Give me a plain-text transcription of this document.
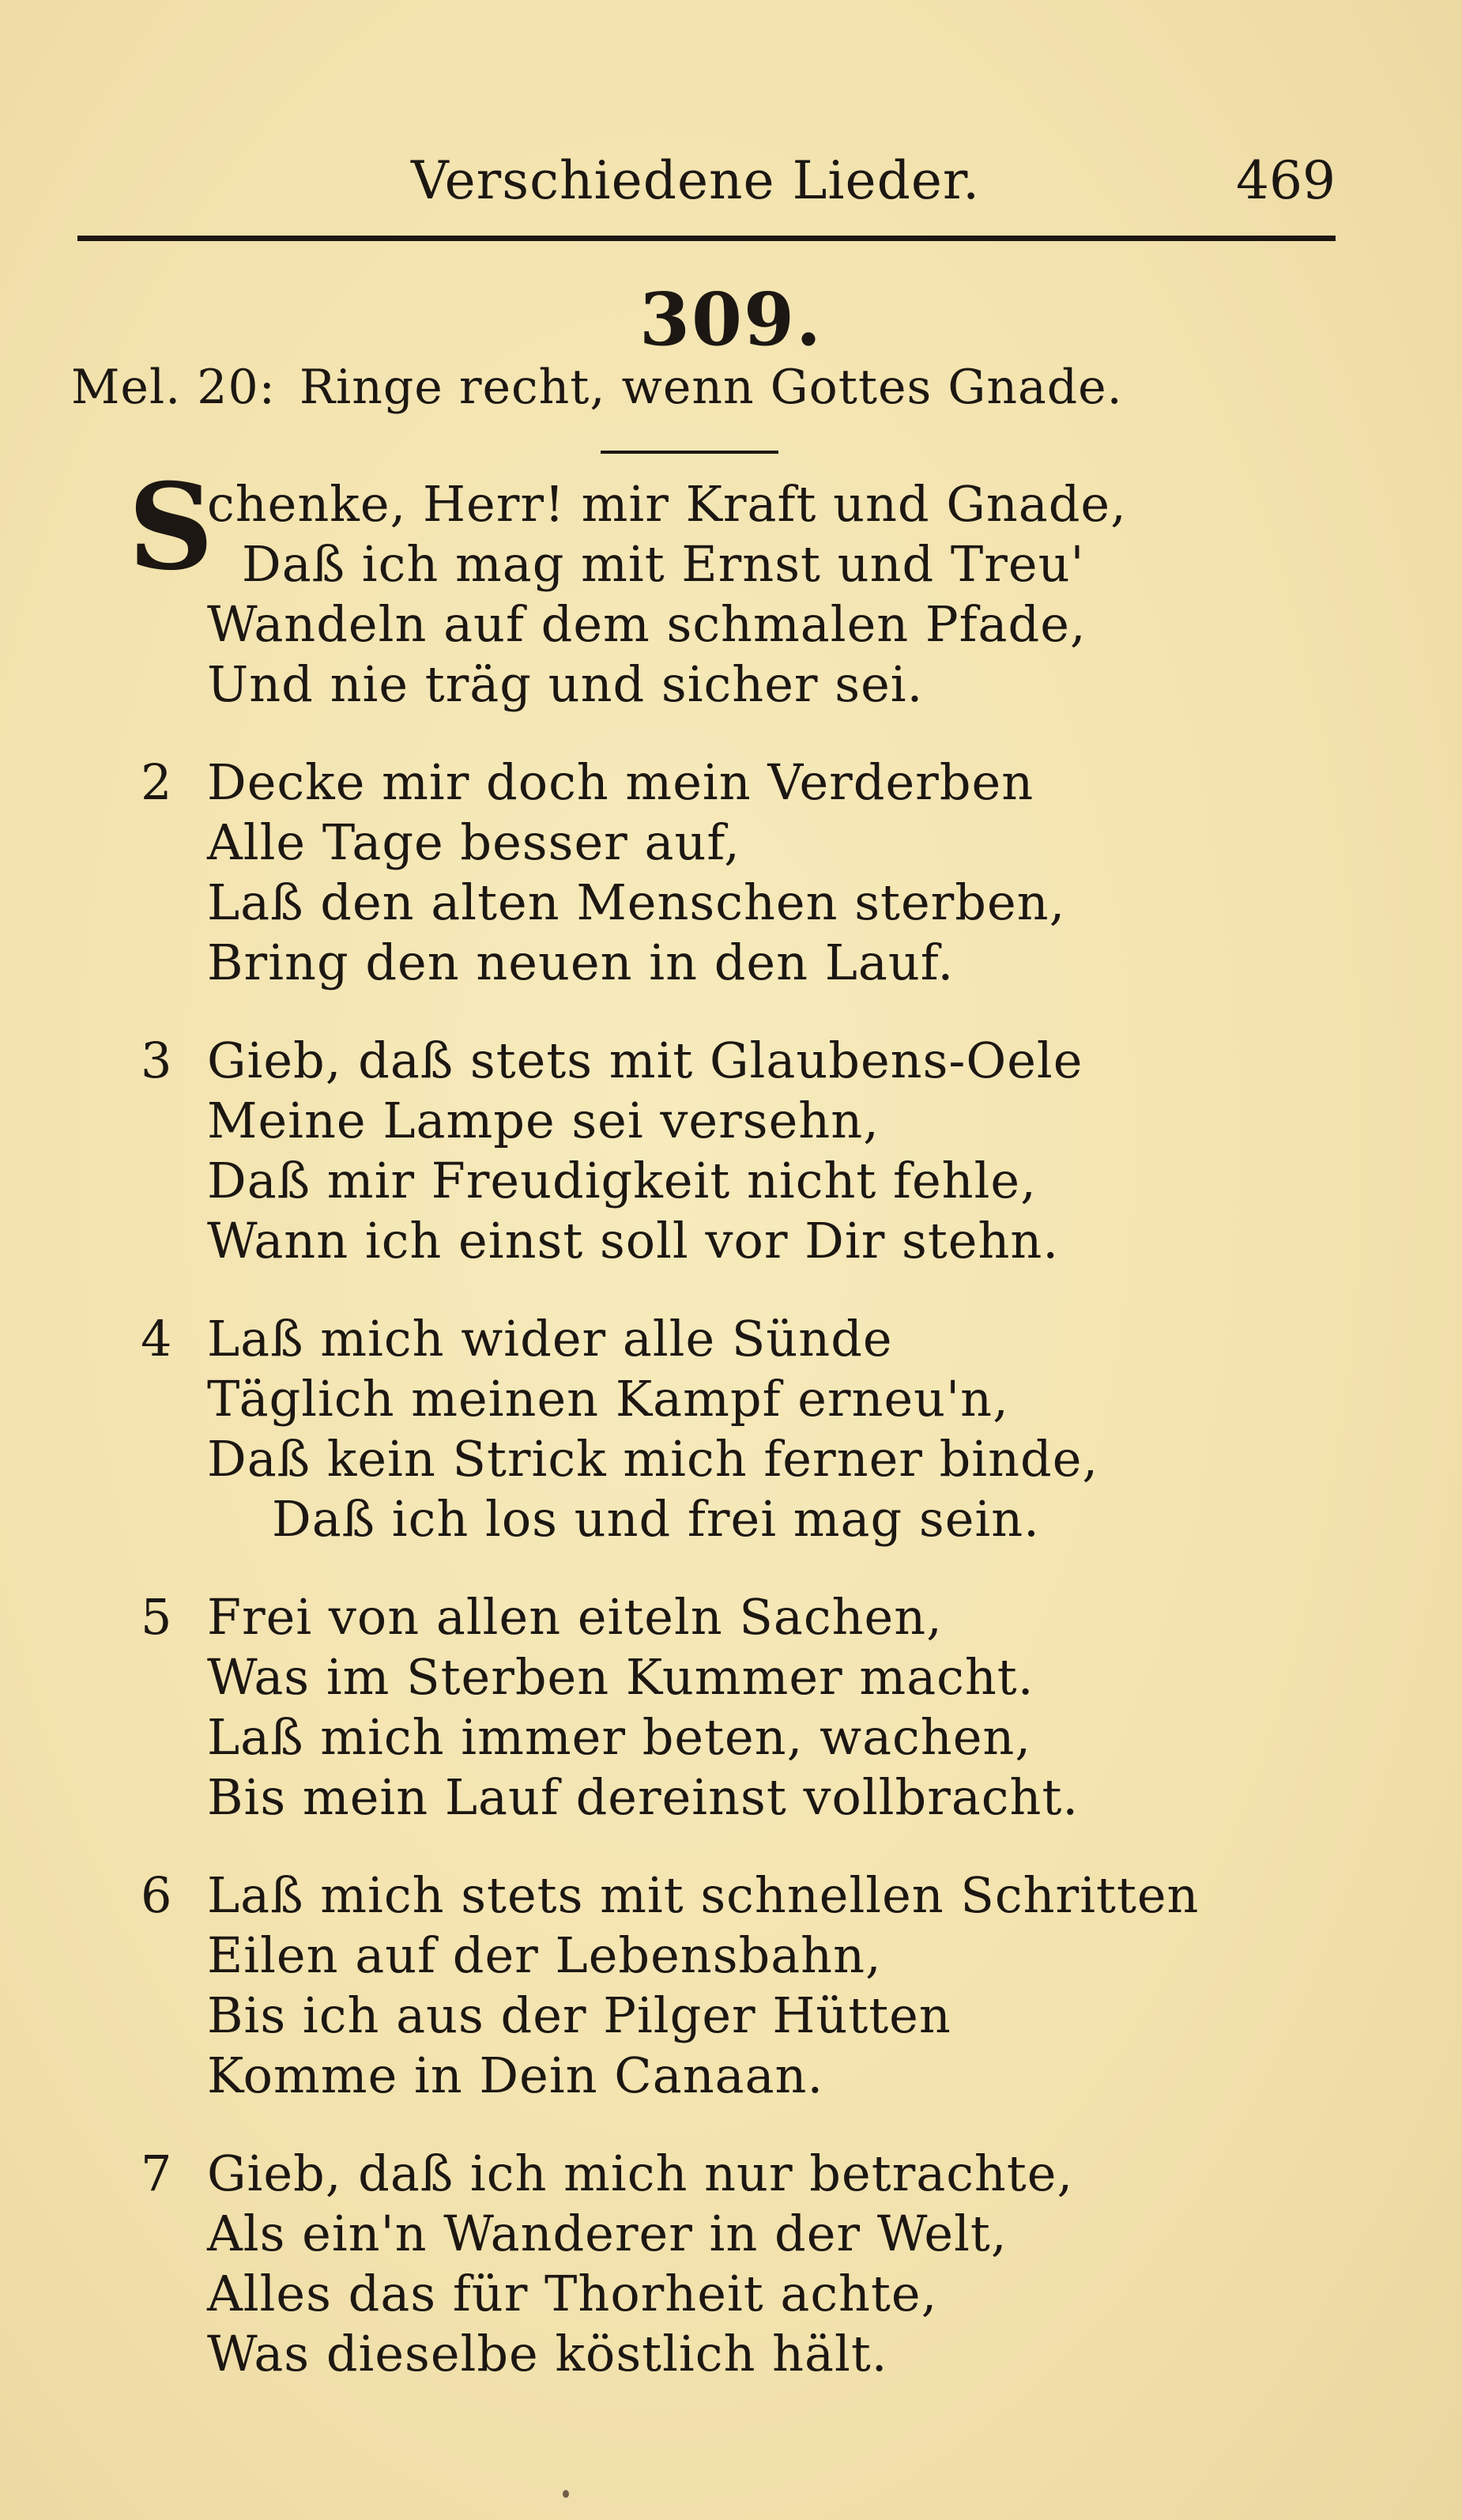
Verschiedene Lieder.	469
309.
Mel. 20: Ringe recht, wenn Gottes Gnade.
S
chenke, Herr! mir Kraft und Gnade,
Daß ich mag mit Ernst und Treu'
Wandeln auf dem schmalen Pfade,
Und nie träg und sicher sei.
2 Decke mir doch mein Verderben
Alle Tage besser auf,
Laß den alten Menschen sterben,
Bring den neuen in den Lauf.
3 Gieb, daß stets mit Glaubens-Oele
Meine Lampe sei versehn,
Daß mir Freudigkeit nicht fehle,
Wann ich einst soll vor Dir stehn.
4 Laß mich wider alle Sünde
Täglich meinen Kampf erneu'n,
Daß kein Strick mich ferner binde,
Daß ich los und frei mag sein.
5 Frei von allen eiteln Sachen,
Was im Sterben Kummer macht.
Laß mich immer beten, wachen,
Bis mein Lauf dereinst vollbracht.
6 Laß mich stets mit schnellen Schritten
Eilen auf der Lebensbahn,
Bis ich aus der Pilger Hütten
Komme in Dein Canaan.
7 Gieb, daß ich mich nur betrachte,
Als ein'n Wanderer in der Welt,
Alles das für Thorheit achte,
Was dieselbe köstlich hält.
